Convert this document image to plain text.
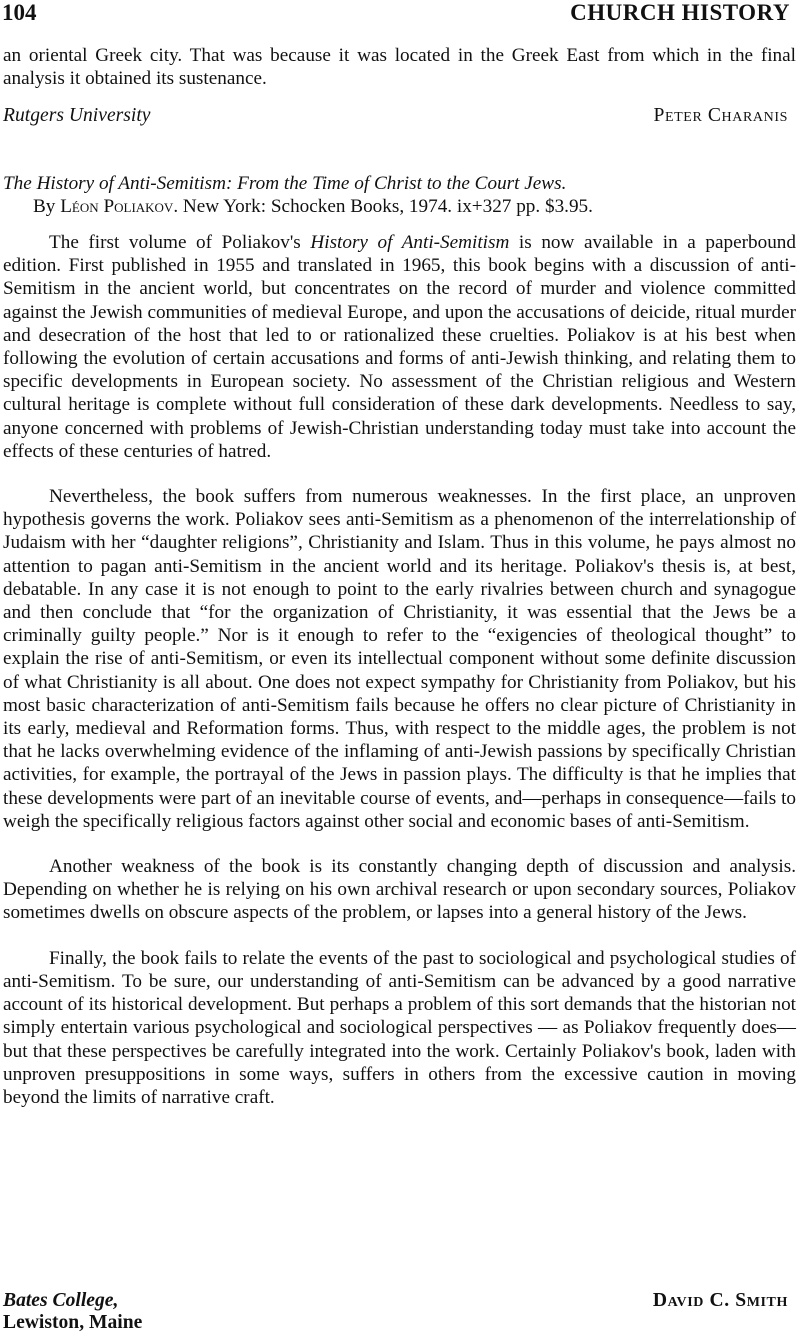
104	CHURCH HISTORY

an oriental Greek city. That was because it was located in the Greek East from which in the final analysis it obtained its sustenance.

Rutgers University	Peter Charanis
The History of Anti-Semitism: From the Time of Christ to the Court Jews.
By Léon Poliakov. New York: Schocken Books, 1974. ix+327 pp. $3.95.

The first volume of Poliakov's History of Anti-Semitism is now available in a paperbound edition. First published in 1955 and translated in 1965, this book begins with a discussion of anti-Semitism in the ancient world, but concentrates on the record of murder and violence committed against the Jewish communities of medieval Europe, and upon the accusations of deicide, ritual murder and desecration of the host that led to or rationalized these cruelties. Poliakov is at his best when following the evolution of certain accusations and forms of anti-Jewish thinking, and relating them to specific developments in European society. No assessment of the Christian religious and Western cultural heritage is complete without full consideration of these dark developments. Needless to say, anyone concerned with problems of Jewish-Christian understanding today must take into account the effects of these centuries of hatred.

Nevertheless, the book suffers from numerous weaknesses. In the first place, an unproven hypothesis governs the work. Poliakov sees anti-Semitism as a phenomenon of the interrelationship of Judaism with her “daughter religions”, Christianity and Islam. Thus in this volume, he pays almost no attention to pagan anti-Semitism in the ancient world and its heritage. Poliakov's thesis is, at best, debatable. In any case it is not enough to point to the early rivalries between church and synagogue and then conclude that “for the organization of Christianity, it was essential that the Jews be a criminally guilty people.” Nor is it enough to refer to the “exigencies of theological thought” to explain the rise of anti-Semitism, or even its intellectual component without some definite discussion of what Christianity is all about. One does not expect sympathy for Christianity from Poliakov, but his most basic characterization of anti-Semitism fails because he offers no clear picture of Christianity in its early, medieval and Reformation forms. Thus, with respect to the middle ages, the problem is not that he lacks overwhelming evidence of the inflaming of anti-Jewish passions by specifically Christian activities, for example, the portrayal of the Jews in passion plays. The difficulty is that he implies that these developments were part of an inevitable course of events, and—perhaps in consequence—fails to weigh the specifically religious factors against other social and economic bases of anti-Semitism.

Another weakness of the book is its constantly changing depth of discussion and analysis. Depending on whether he is relying on his own archival research or upon secondary sources, Poliakov sometimes dwells on obscure aspects of the problem, or lapses into a general history of the Jews.

Finally, the book fails to relate the events of the past to sociological and psychological studies of anti-Semitism. To be sure, our understanding of anti-Semitism can be advanced by a good narrative account of its historical development. But perhaps a problem of this sort demands that the historian not simply entertain various psychological and sociological perspectives — as Poliakov frequently does—but that these perspectives be carefully integrated into the work. Certainly Poliakov's book, laden with unproven presuppositions in some ways, suffers in others from the excessive caution in moving beyond the limits of narrative craft.

Bates College,
Lewiston, Maine
David C. Smith
